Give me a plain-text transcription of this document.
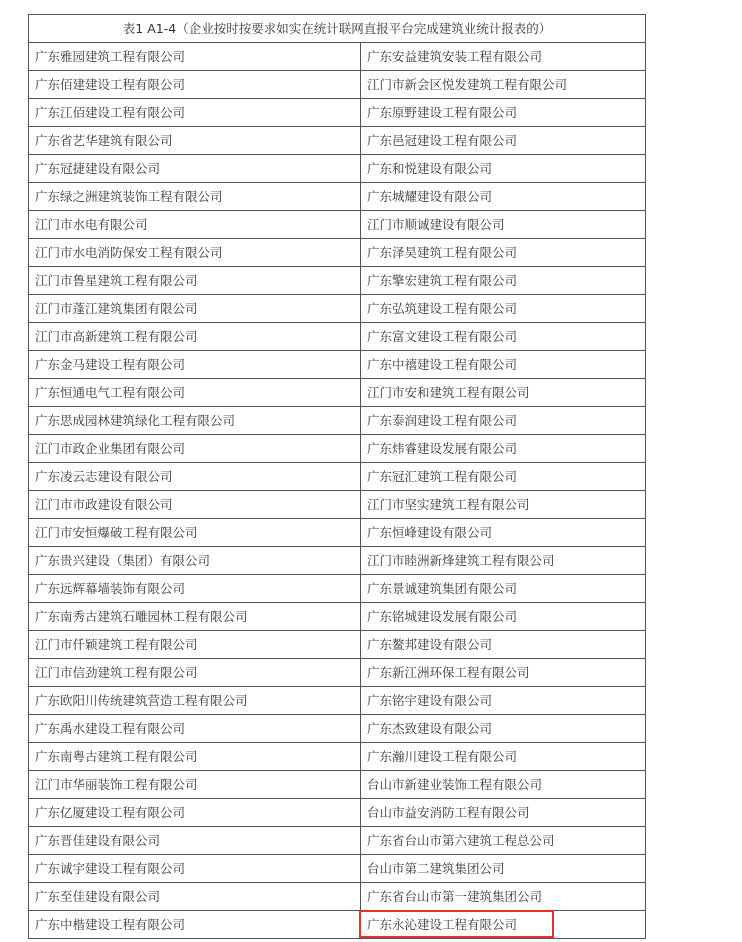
表1 A1-4（企业按时按要求如实在统计联网直报平台完成建筑业统计报表的）	
广东雅园建筑工程有限公司	广东安益建筑安装工程有限公司
广东佰建建设工程有限公司	江门市新会区悦发建筑工程有限公司
广东江佰建设工程有限公司	广东原野建设工程有限公司
广东省艺华建筑有限公司	广东邑冠建设工程有限公司
广东冠捷建设有限公司	广东和悦建设有限公司
广东绿之洲建筑装饰工程有限公司	广东城耀建设有限公司
江门市水电有限公司	江门市顺诚建设有限公司
江门市水电消防保安工程有限公司	广东泽昊建筑工程有限公司
江门市鲁星建筑工程有限公司	广东擎宏建筑工程有限公司
江门市蓬江建筑集团有限公司	广东弘筑建设工程有限公司
江门市高新建筑工程有限公司	广东富文建设工程有限公司
广东金马建设工程有限公司	广东中禧建设工程有限公司
广东恒通电气工程有限公司	江门市安和建筑工程有限公司
广东思成园林建筑绿化工程有限公司	广东泰润建设工程有限公司
江门市政企业集团有限公司	广东炜睿建设发展有限公司
广东凌云志建设有限公司	广东冠汇建筑工程有限公司
江门市市政建设有限公司	江门市坚实建筑工程有限公司
江门市安恒爆破工程有限公司	广东恒峰建设有限公司
广东贵兴建设（集团）有限公司	江门市睦洲新烽建筑工程有限公司
广东远辉幕墙装饰有限公司	广东景诚建筑集团有限公司
广东南秀古建筑石雕园林工程有限公司	广东铭城建设发展有限公司
江门市仟颖建筑工程有限公司	广东鳌邦建设有限公司
江门市信劲建筑工程有限公司	广东新江洲环保工程有限公司
广东欧阳川传统建筑营造工程有限公司	广东铭宇建设有限公司
广东禹水建设工程有限公司	广东杰致建设有限公司
广东南粤古建筑工程有限公司	广东瀚川建设工程有限公司
江门市华丽装饰工程有限公司	台山市新建业装饰工程有限公司
广东亿厦建设工程有限公司	台山市益安消防工程有限公司
广东晋佳建设有限公司	广东省台山市第六建筑工程总公司
广东诚宇建设工程有限公司	台山市第二建筑集团公司
广东至佳建设有限公司	广东省台山市第一建筑集团公司
广东中楷建设工程有限公司	广东永沁建设工程有限公司
